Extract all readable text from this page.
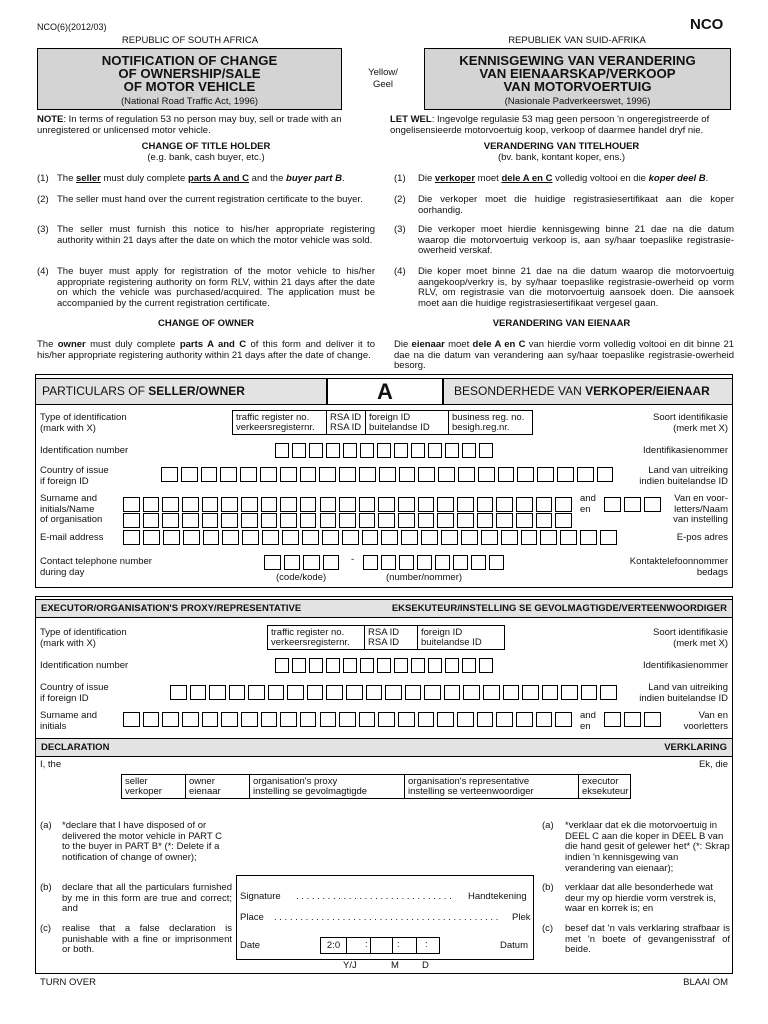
NCO(6)(2012/03)	NCO
REPUBLIC OF SOUTH AFRICA	REPUBLIEK VAN SUID-AFRIKA
NOTIFICATION OF CHANGE
OF OWNERSHIP/SALE
OF MOTOR VEHICLE
(National Road Traffic Act, 1996)
Yellow/
Geel
KENNISGEWING VAN VERANDERING
VAN EIENAARSKAP/VERKOOP
VAN MOTORVOERTUIG
(Nasionale Padverkeerswet, 1996)
NOTE: In terms of regulation 53 no person may buy, sell or trade with an unregistered or unlicensed motor vehicle.
LET WEL: Ingevolge regulasie 53 mag geen persoon 'n ongeregistreerde of ongelisensieerde motorvoertuig koop, verkoop of daarmee handel dryf nie.
CHANGE OF TITLE HOLDER
(e.g. bank, cash buyer, etc.)
VERANDERING VAN TITELHOUER
(bv. bank, kontant koper, ens.)
(1) The seller must duly complete parts A and C and the buyer part B.
(2) The seller must hand over the current registration certificate to the buyer.
(3) The seller must furnish this notice to his/her appropriate registering authority within 21 days after the date on which the motor vehicle was sold.
(4) The buyer must apply for registration of the motor vehicle to his/her appropriate registering authority on form RLV, within 21 days after the date on which the vehicle was purchased/acquired. The application must be accompanied by the current registration certificate.
(1)	Die verkoper moet dele A en C volledig voltooi en die koper deel B.
(2)	Die verkoper moet die huidige registrasiesertifikaat aan die koper oorhandig.
(3)	Die verkoper moet hierdie kennisgewing binne 21 dae na die datum waarop die motorvoertuig verkoop is, aan sy/haar toepaslike registrasie-owerheid verskaf.
(4)	Die koper moet binne 21 dae na die datum waarop die motorvoertuig aangekoop/verkry is, by sy/haar toepaslike registrasie-owerheid op vorm RLV, om registrasie van die motorvoertuig aansoek doen. Die aansoek moet aan die huidige registrasiesertifikaat vergesel gaan.
CHANGE OF OWNER
The owner must duly complete parts A and C of this form and deliver it to his/her appropriate registering authority within 21 days after the date of change.
VERANDERING VAN EIENAAR
Die eienaar moet dele A en C van hierdie vorm volledig voltooi en dit binne 21 dae na die datum van verandering aan sy/haar toepaslike registrasie-owerheid besorg.
PARTICULARS OF SELLER/OWNER	A	BESONDERHEDE VAN VERKOPER/EIENAAR
Type of identification
(mark with X)
Soort identifikasie
(merk met X)
traffic register no.
verkeersregisternr.
RSA ID
RSA ID
foreign ID
buitelandse ID
business reg. no.
besigh.reg.nr.
Identification number	Identifikasienommer
Country of issue
if foreign ID
Land van uitreiking
indien buitelandse ID
Surname and
initials/Name
of organisation
and
en
Van en voor-
letters/Naam
van instelling
E-mail address	E-pos adres
Contact telephone number
during day
Kontaktelefoonnommer
bedags
-
(code/kode)	(number/nommer)
EXECUTOR/ORGANISATION'S PROXY/REPRESENTATIVE	EKSEKUTEUR/INSTELLING SE GEVOLMAGTIGDE/VERTEENWOORDIGER
Type of identification
(mark with X)
Soort identifikasie
(merk met X)
traffic register no.
verkeersregisternr.
RSA ID
RSA ID
foreign ID
buitelandse ID
Identification number	Identifikasienommer
Country of issue
if foreign ID
Land van uitreiking
indien buitelandse ID
Surname and
initials
and
en
Van en
voorletters
DECLARATION	VERKLARING
I, the	Ek, die
seller
verkoper
owner
eienaar
organisation's proxy
instelling se gevolmagtigde
organisation's representative
instelling se verteenwoordiger
executor
eksekuteur
(a) *declare that I have disposed of or delivered the motor vehicle in PART C to the buyer in PART B* (*: Delete if a notification of change of owner);
(b) declare that all the particulars furnished by me in this form are true and correct; and
(c) realise that a false declaration is punishable with a fine or imprisonment or both.
(a) *verklaar dat ek die motorvoertuig in DEEL C aan die koper in DEEL B van die hand gesit of gelewer het* (*: Skrap indien 'n kennisgewing van verandering van eienaar);
(b) verklaar dat alle besonderhede wat deur my op hierdie vorm verstrek is, waar en korrek is; en
(c) besef dat 'n vals verklaring strafbaar is met 'n boete of gevangenisstraf of beide.
Signature . . . . . . . . . . . . . . . . . . . . . . . . . . . . . . Handtekening
Place . . . . . . . . . . . . . . . . . . . . . . . . . . . . . . . . . . . . . . . . . . . Plek
Date	Datum
2:0	:	:	:
Y/J	M D
TURN OVER	BLAAI OM
